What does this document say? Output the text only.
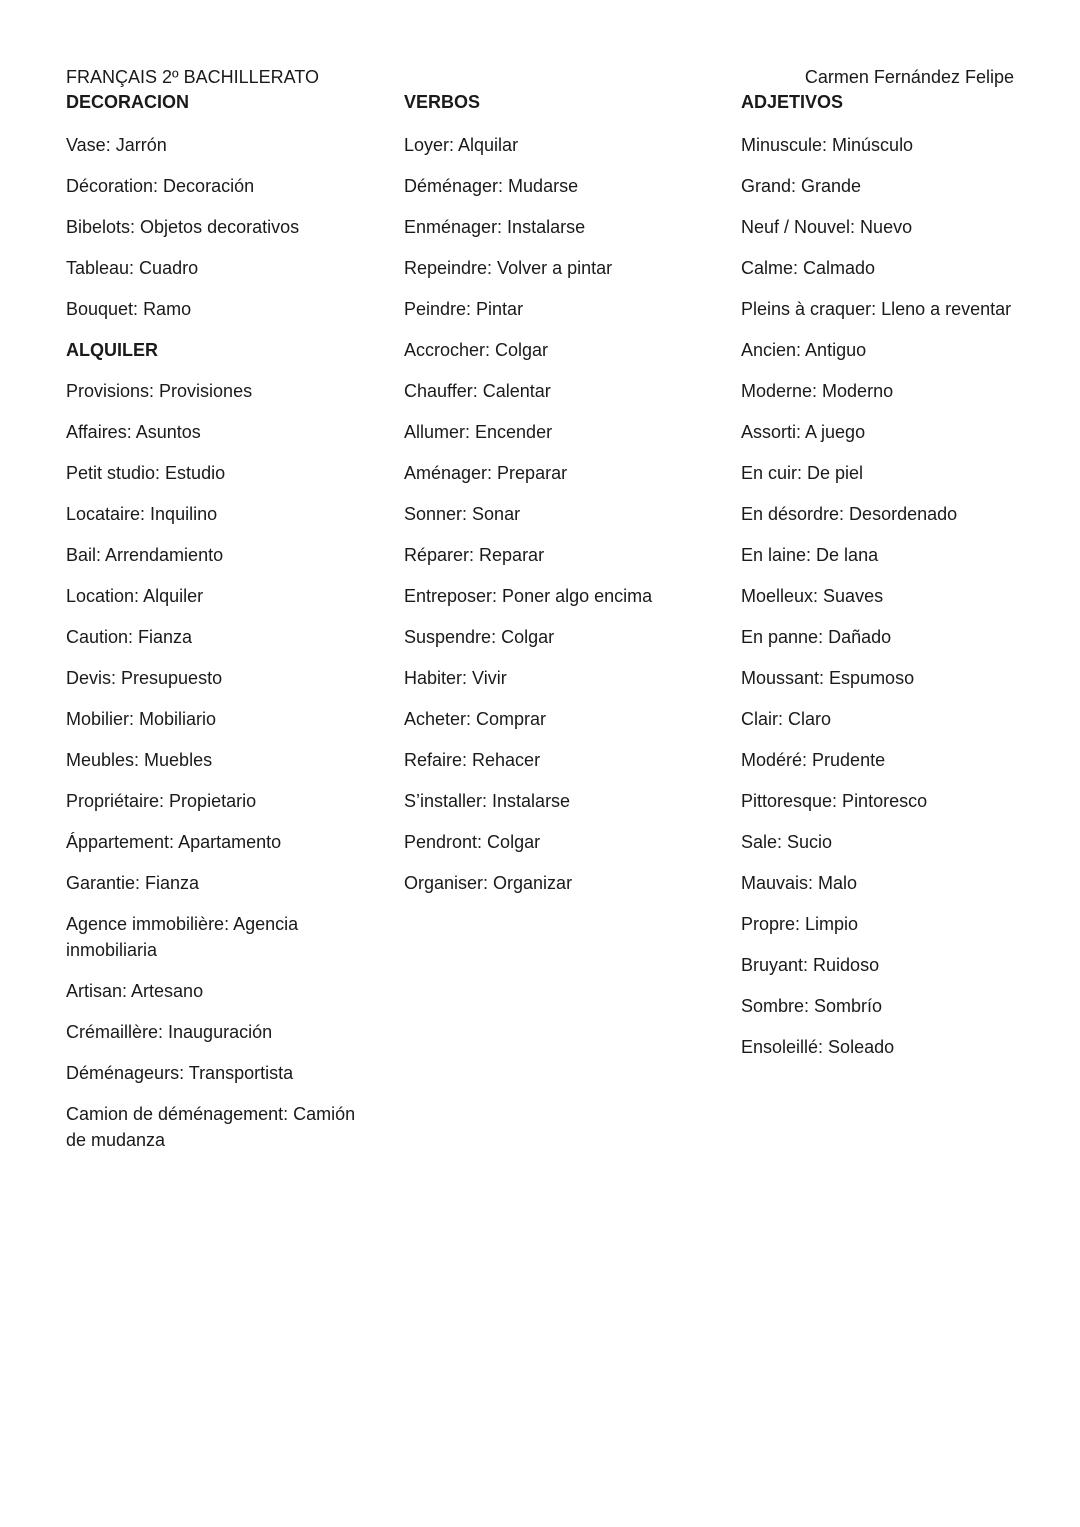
FRANÇAIS 2º BACHILLERATO	Carmen Fernández Felipe
DECORACION
Vase: Jarrón
Décoration: Decoración
Bibelots: Objetos decorativos
Tableau: Cuadro
Bouquet: Ramo
ALQUILER
Provisions: Provisiones
Affaires: Asuntos
Petit studio: Estudio
Locataire: Inquilino
Bail: Arrendamiento
Location: Alquiler
Caution: Fianza
Devis: Presupuesto
Mobilier: Mobiliario
Meubles: Muebles
Propriétaire: Propietario
Áppartement: Apartamento
Garantie: Fianza
Agence immobilière: Agencia inmobiliaria
Artisan: Artesano
Crémaillère: Inauguración
Déménageurs: Transportista
Camion de déménagement: Camión de mudanza
VERBOS
Loyer: Alquilar
Déménager: Mudarse
Enménager: Instalarse
Repeindre: Volver a pintar
Peindre: Pintar
Accrocher: Colgar
Chauffer: Calentar
Allumer: Encender
Aménager: Preparar
Sonner: Sonar
Réparer: Reparar
Entreposer: Poner algo encima
Suspendre: Colgar
Habiter: Vivir
Acheter: Comprar
Refaire: Rehacer
S’installer: Instalarse
Pendront: Colgar
Organiser: Organizar
ADJETIVOS
Minuscule: Minúsculo
Grand: Grande
Neuf / Nouvel: Nuevo
Calme: Calmado
Pleins à craquer: Lleno a reventar
Ancien: Antiguo
Moderne: Moderno
Assorti: A juego
En cuir: De piel
En désordre: Desordenado
En laine: De lana
Moelleux: Suaves
En panne: Dañado
Moussant: Espumoso
Clair: Claro
Modéré: Prudente
Pittoresque: Pintoresco
Sale: Sucio
Mauvais: Malo
Propre: Limpio
Bruyant: Ruidoso
Sombre: Sombrío
Ensoleillé: Soleado
